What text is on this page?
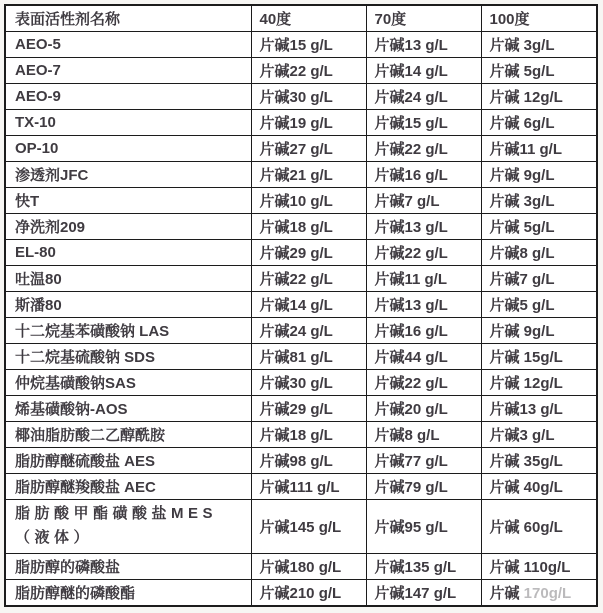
表面活性剂名称	40度	70度	100度
AEO-5	片碱15 g/L	片碱13 g/L	片碱 3g/L
AEO-7	片碱22 g/L	片碱14 g/L	片碱 5g/L
AEO-9	片碱30 g/L	片碱24 g/L	片碱 12g/L
TX-10	片碱19 g/L	片碱15 g/L	片碱 6g/L
OP-10	片碱27 g/L	片碱22 g/L	片碱11 g/L
渗透剂JFC	片碱21 g/L	片碱16 g/L	片碱 9g/L
快T	片碱10 g/L	片碱7 g/L	片碱 3g/L
净洗剂209	片碱18 g/L	片碱13 g/L	片碱 5g/L
EL-80	片碱29 g/L	片碱22 g/L	片碱8 g/L
吐温80	片碱22 g/L	片碱11 g/L	片碱7 g/L
斯潘80	片碱14 g/L	片碱13 g/L	片碱5 g/L
十二烷基苯磺酸钠 LAS	片碱24 g/L	片碱16 g/L	片碱 9g/L
十二烷基硫酸钠 SDS	片碱81 g/L	片碱44 g/L	片碱 15g/L
仲烷基磺酸钠SAS	片碱30 g/L	片碱22 g/L	片碱 12g/L
烯基磺酸钠-AOS	片碱29 g/L	片碱20 g/L	片碱13 g/L
椰油脂肪酸二乙醇酰胺	片碱18 g/L	片碱8 g/L	片碱3 g/L
脂肪醇醚硫酸盐 AES	片碱98 g/L	片碱77 g/L	片碱 35g/L
脂肪醇醚羧酸盐 AEC	片碱111 g/L	片碱79 g/L	片碱 40g/L
脂肪酸甲酯磺酸盐MES （液体）	片碱145 g/L	片碱95 g/L	片碱 60g/L
脂肪醇的磷酸盐	片碱180 g/L	片碱135 g/L	片碱 110g/L
脂肪醇醚的磷酸酯	片碱210 g/L	片碱147 g/L	片碱 170g/L
